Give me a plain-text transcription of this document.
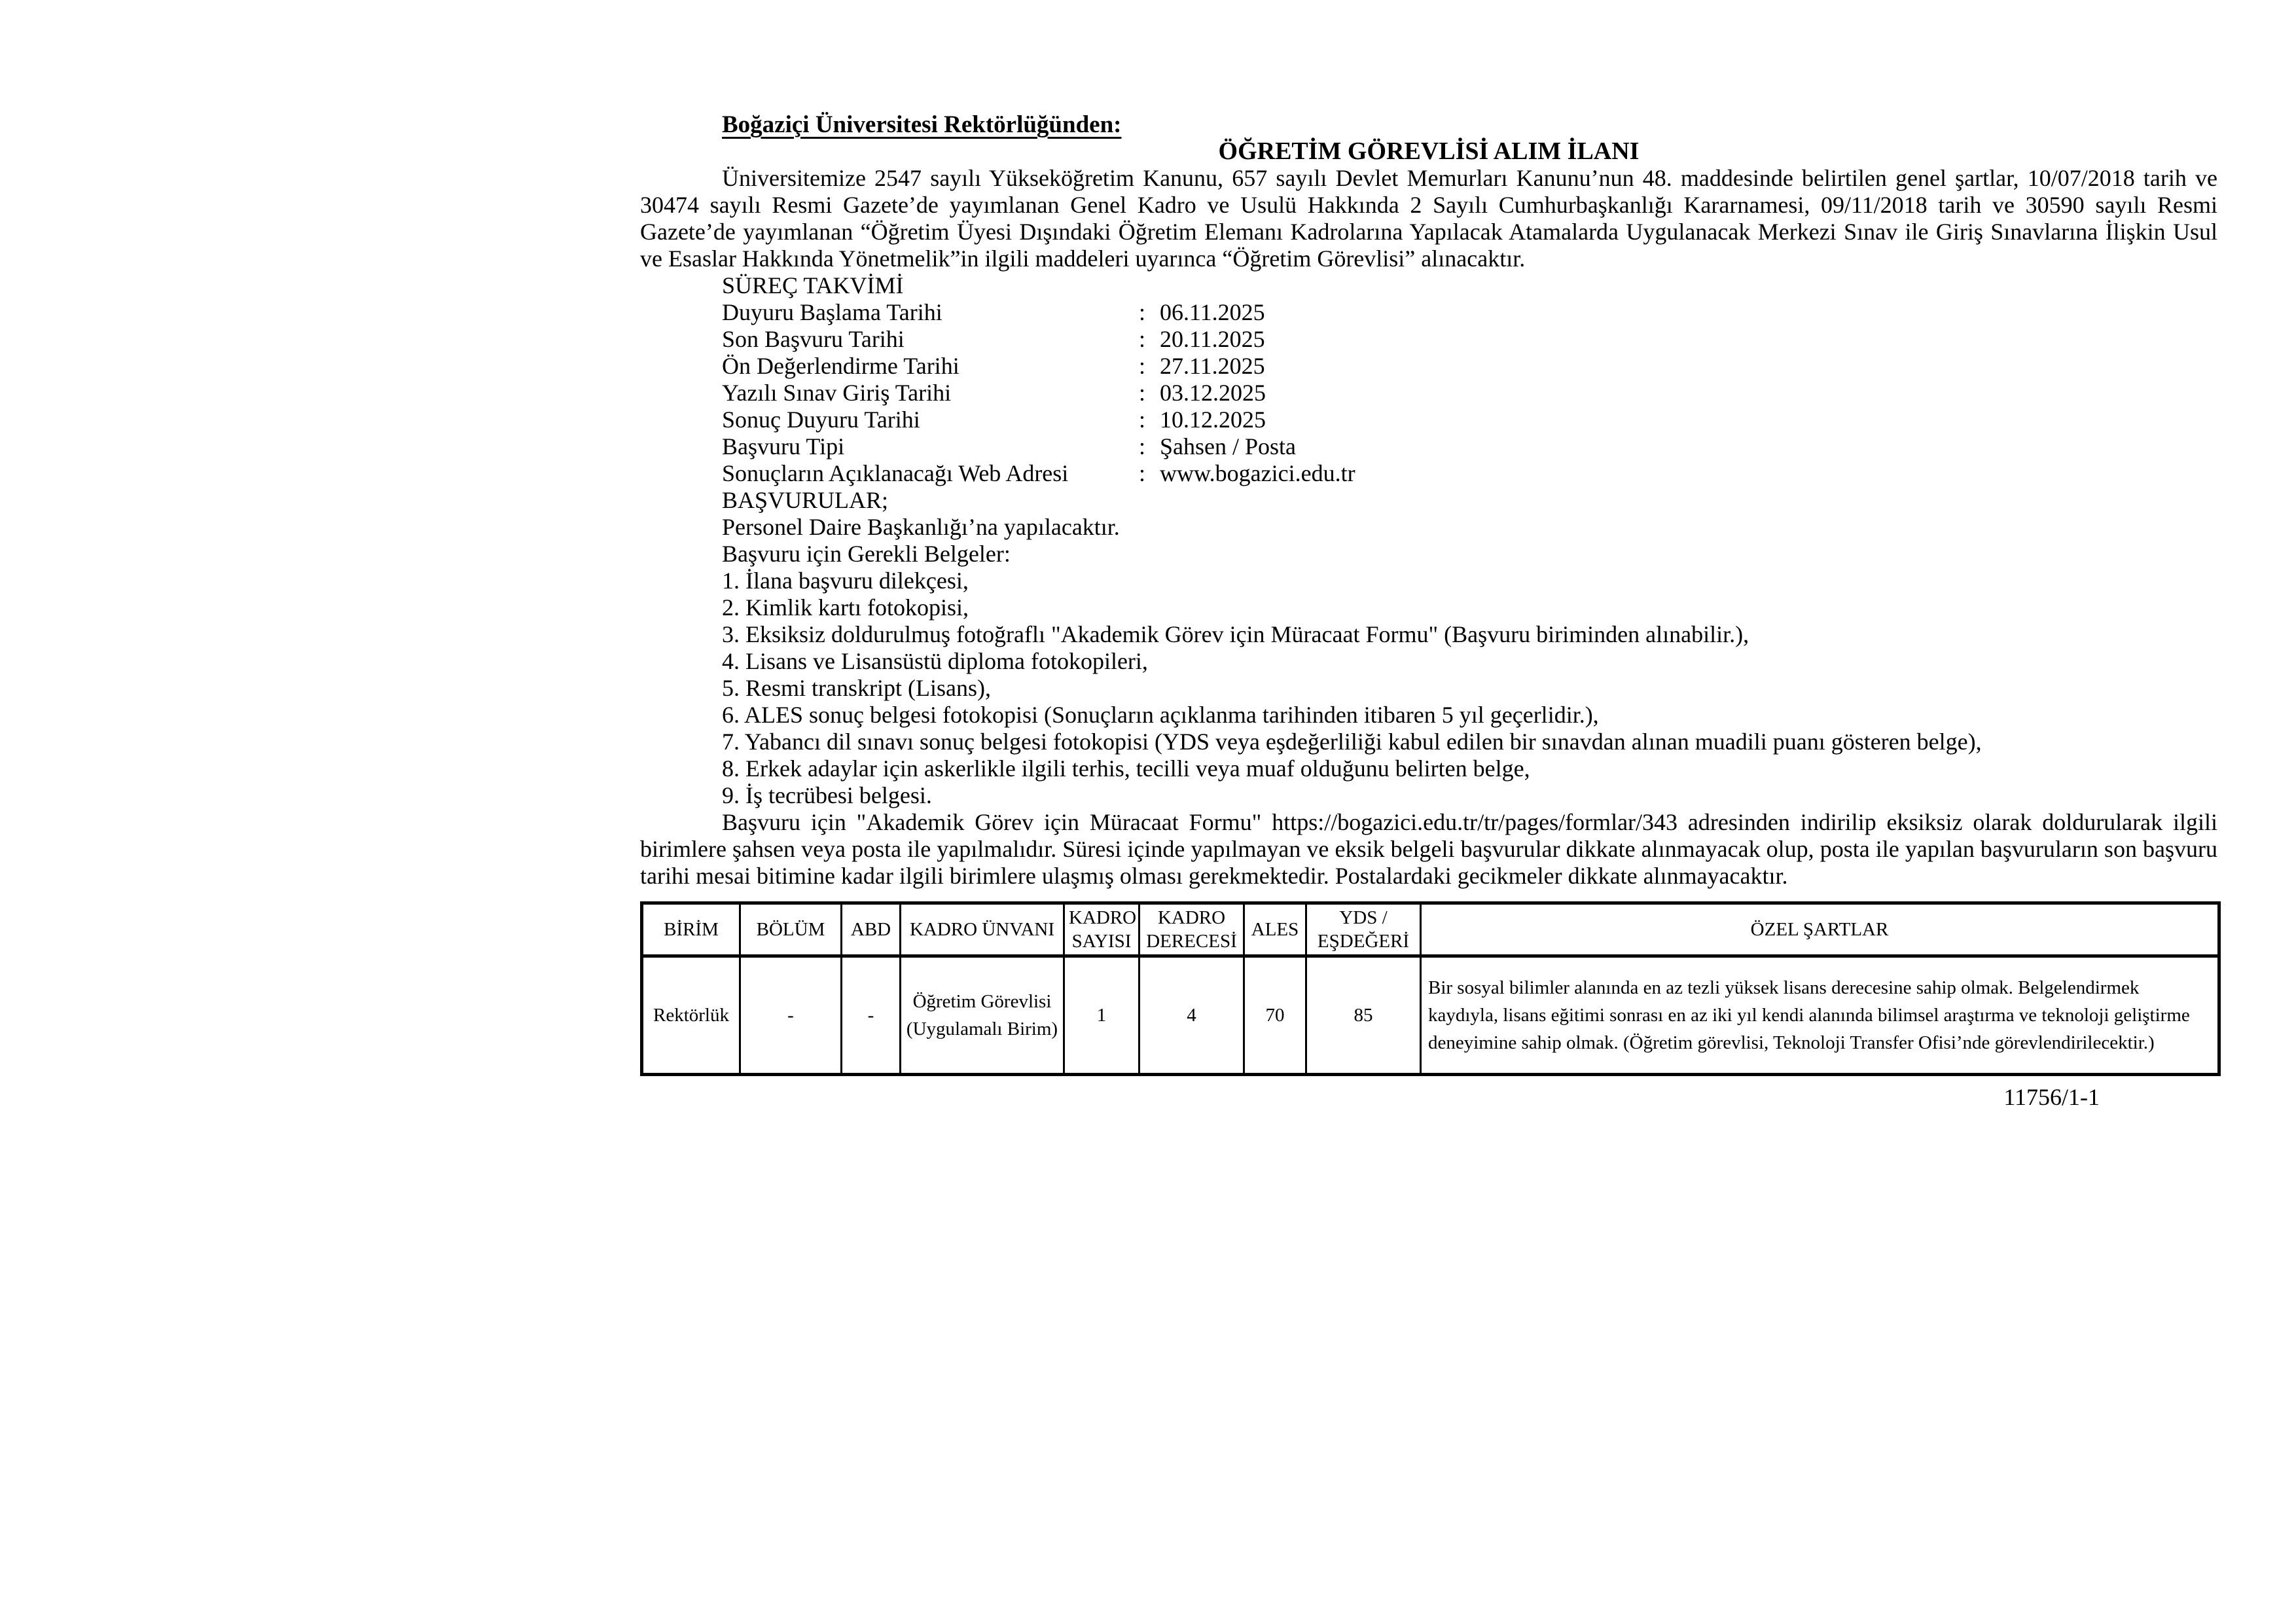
Boğaziçi Üniversitesi Rektörlüğünden:
ÖĞRETİM GÖREVLİSİ ALIM İLANI
Üniversitemize 2547 sayılı Yükseköğretim Kanunu, 657 sayılı Devlet Memurları Kanunu’nun 48. maddesinde belirtilen genel şartlar, 10/07/2018 tarih ve 30474 sayılı Resmi Gazete’de yayımlanan Genel Kadro ve Usulü Hakkında 2 Sayılı Cumhurbaşkanlığı Kararnamesi, 09/11/2018 tarih ve 30590 sayılı Resmi Gazete’de yayımlanan “Öğretim Üyesi Dışındaki Öğretim Elemanı Kadrolarına Yapılacak Atamalarda Uygulanacak Merkezi Sınav ile Giriş Sınavlarına İlişkin Usul ve Esaslar Hakkında Yönetmelik”in ilgili maddeleri uyarınca “Öğretim Görevlisi” alınacaktır.
SÜREÇ TAKVİMİ
Duyuru Başlama Tarihi	: 06.11.2025
Son Başvuru Tarihi	: 20.11.2025
Ön Değerlendirme Tarihi	: 27.11.2025
Yazılı Sınav Giriş Tarihi	: 03.12.2025
Sonuç Duyuru Tarihi	: 10.12.2025
Başvuru Tipi	: Şahsen / Posta
Sonuçların Açıklanacağı Web Adresi	: www.bogazici.edu.tr
BAŞVURULAR;
Personel Daire Başkanlığı’na yapılacaktır.
Başvuru için Gerekli Belgeler:
1. İlana başvuru dilekçesi,
2. Kimlik kartı fotokopisi,
3. Eksiksiz doldurulmuş fotoğraflı "Akademik Görev için Müracaat Formu" (Başvuru biriminden alınabilir.),
4. Lisans ve Lisansüstü diploma fotokopileri,
5. Resmi transkript (Lisans),
6. ALES sonuç belgesi fotokopisi (Sonuçların açıklanma tarihinden itibaren 5 yıl geçerlidir.),
7. Yabancı dil sınavı sonuç belgesi fotokopisi (YDS veya eşdeğerliliği kabul edilen bir sınavdan alınan muadili puanı gösteren belge),
8. Erkek adaylar için askerlikle ilgili terhis, tecilli veya muaf olduğunu belirten belge,
9. İş tecrübesi belgesi.
Başvuru için "Akademik Görev için Müracaat Formu" https://bogazici.edu.tr/tr/pages/formlar/343 adresinden indirilip eksiksiz olarak doldurularak ilgili birimlere şahsen veya posta ile yapılmalıdır. Süresi içinde yapılmayan ve eksik belgeli başvurular dikkate alınmayacak olup, posta ile yapılan başvuruların son başvuru tarihi mesai bitimine kadar ilgili birimlere ulaşmış olması gerekmektedir. Postalardaki gecikmeler dikkate alınmayacaktır.
BİRİM	BÖLÜM	ABD	KADRO ÜNVANI	KADRO SAYISI	KADRO DERECESİ	ALES	YDS / EŞDEĞERİ	ÖZEL ŞARTLAR
Rektörlük	-	-	Öğretim Görevlisi (Uygulamalı Birim)	1	4	70	85	Bir sosyal bilimler alanında en az tezli yüksek lisans derecesine sahip olmak. Belgelendirmek kaydıyla, lisans eğitimi sonrası en az iki yıl kendi alanında bilimsel araştırma ve teknoloji geliştirme deneyimine sahip olmak. (Öğretim görevlisi, Teknoloji Transfer Ofisi’nde görevlendirilecektir.)
11756/1-1
